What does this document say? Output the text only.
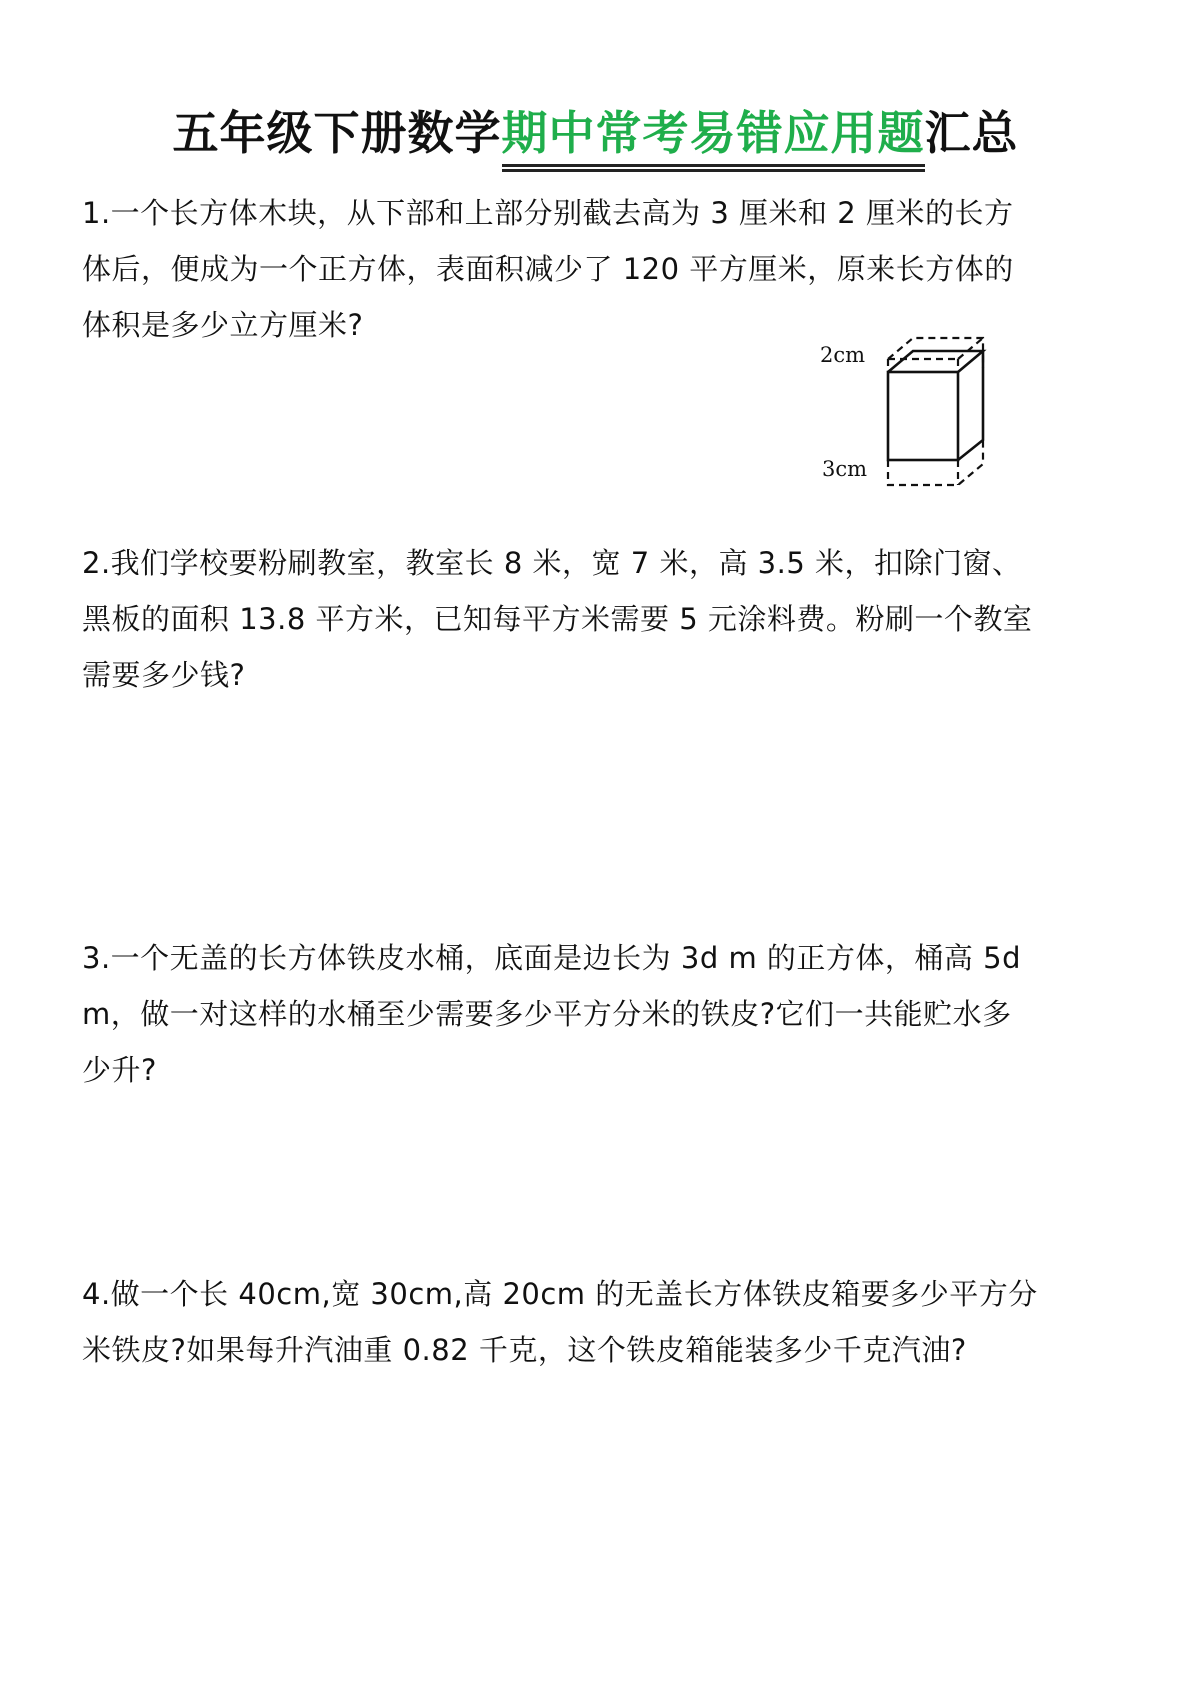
五年级下册数学期中常考易错应用题汇总
1.一个长方体木块，从下部和上部分别截去高为 3 厘米和 2 厘米的长方
体后，便成为一个正方体，表面积减少了 120 平方厘米，原来长方体的
体积是多少立方厘米?
2cm
3cm
2.我们学校要粉刷教室，教室长 8 米，宽 7 米，高 3.5 米，扣除门窗、
黑板的面积 13.8 平方米，已知每平方米需要 5 元涂料费。粉刷一个教室
需要多少钱?
3.一个无盖的长方体铁皮水桶，底面是边长为 3d m 的正方体，桶高 5d
m，做一对这样的水桶至少需要多少平方分米的铁皮?它们一共能贮水多
少升?
4.做一个长 40cm,宽 30cm,高 20cm 的无盖长方体铁皮箱要多少平方分
米铁皮?如果每升汽油重 0.82 千克，这个铁皮箱能装多少千克汽油?
